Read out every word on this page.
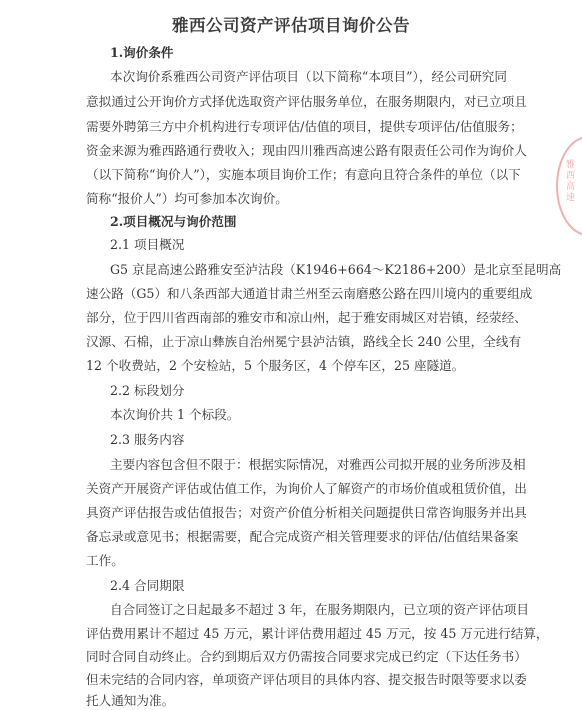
雅西公司资产评估项目询价公告
1.询价条件
本次询价系雅西公司资产评估项目（以下简称“本项目”），经公司研究同
意拟通过公开询价方式择优选取资产评估服务单位，在服务期限内，对已立项且
需要外聘第三方中介机构进行专项评估/估值的项目，提供专项评估/估值服务；
资金来源为雅西路通行费收入；现由四川雅西高速公路有限责任公司作为询价人
（以下简称“询价人”），实施本项目询价工作；有意向且符合条件的单位（以下
简称“报价人”）均可参加本次询价。
2.项目概况与询价范围
2.1 项目概况
G5 京昆高速公路雅安至泸沽段（K1946+664～K2186+200）是北京至昆明高
速公路（G5）和八条西部大通道甘肃兰州至云南磨憨公路在四川境内的重要组成
部分，位于四川省西南部的雅安市和凉山州，起于雅安雨城区对岩镇，经荥经、
汉源、石棉，止于凉山彝族自治州冕宁县泸沽镇，路线全长 240 公里，全线有
12 个收费站，2 个安检站，5 个服务区，4 个停车区，25 座隧道。
2.2 标段划分
本次询价共 1 个标段。
2.3 服务内容
主要内容包含但不限于：根据实际情况，对雅西公司拟开展的业务所涉及相
关资产开展资产评估或估值工作，为询价人了解资产的市场价值或租赁价值，出
具资产评估报告或估值报告；对资产价值分析相关问题提供日常咨询服务并出具
备忘录或意见书；根据需要，配合完成资产相关管理要求的评估/估值结果备案
工作。
2.4 合同期限
自合同签订之日起最多不超过 3 年，在服务期限内，已立项的资产评估项目
评估费用累计不超过 45 万元，累计评估费用超过 45 万元，按 45 万元进行结算，
同时合同自动终止。合约到期后双方仍需按合同要求完成已约定（下达任务书）
但未完结的合同内容，单项资产评估项目的具体内容、提交报告时限等要求以委
托人通知为准。
雅西高速
